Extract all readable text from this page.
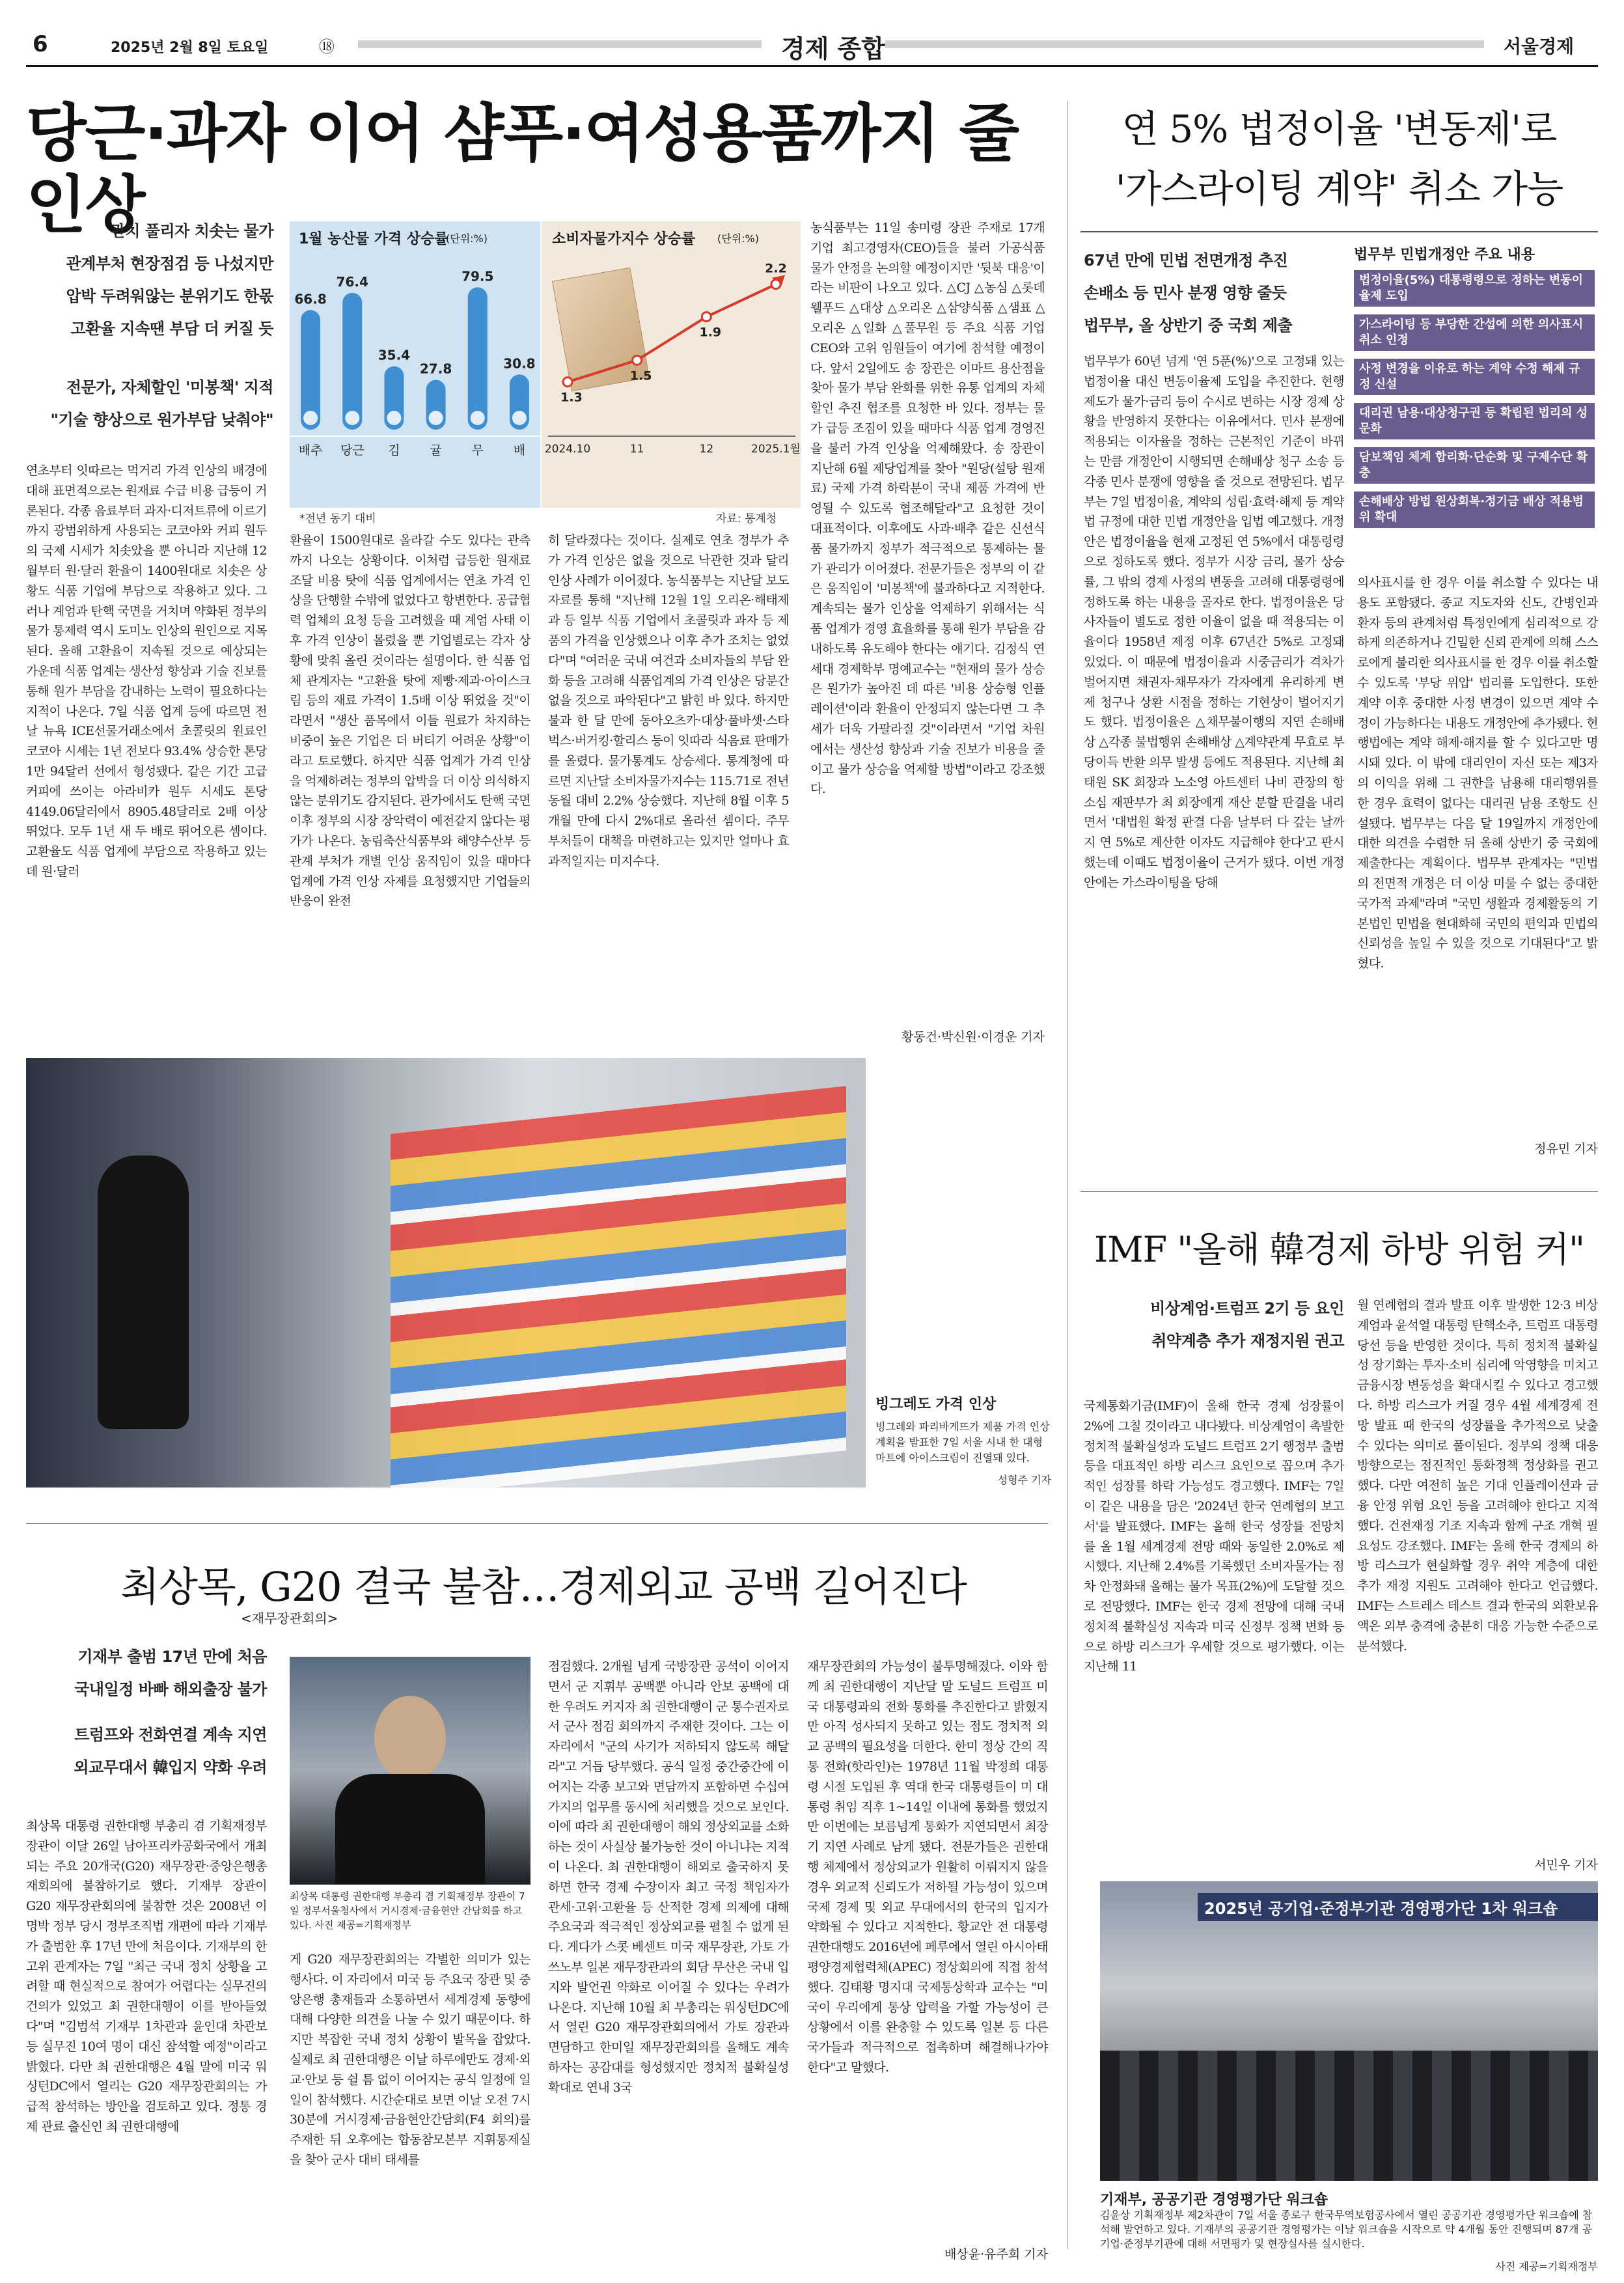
6	2025년 2월 8일 토요일	⑱	경제 종합	서울경제
당근·과자 이어 샴푸·여성용품까지 줄인상
관치 풀리자 치솟는 물가
관계부처 현장점검 등 나섰지만
압박 두려워않는 분위기도 한몫
고환율 지속땐 부담 더 커질 듯
전문가, 자체할인 '미봉책' 지적
"기술 향상으로 원가부담 낮춰야"
1월 농산물 가격 상승률
(단위:%)
66.8
배추
76.4
당근
35.4
김
27.8
귤
79.5
무
30.8
배
*전년 동기 대비
소비자물가지수 상승률 (단위:%)
1.3
2024.10
1.5
11
1.9
12
2.2
2025.1월
자료: 통계청
농식품부는 11일 송미령 장관 주재로 17개 기업 최고경영자(CEO)들을 불러 가공식품 물가 안정을 논의할 예정이지만 '뒷북 대응'이라는 비판이 나오고 있다. △CJ △농심 △롯데웰푸드 △대상 △오리온 △삼양식품 △샘표 △오리온 △일화 △풀무원 등 주요 식품 기업 CEO와 고위 임원들이 여기에 참석할 예정이다. 앞서 2일에도 송 장관은 이마트 용산점을 찾아 물가 부담 완화를 위한 유통 업계의 자체 할인 추진 협조를 요청한 바 있다. 정부는 물가 급등 조짐이 있을 때마다 식품 업계 경영진을 불러 가격 인상을 억제해왔다. 송 장관이 지난해 6월 제당업계를 찾아 "원당(설탕 원재료) 국제 가격 하락분이 국내 제품 가격에 반영될 수 있도록 협조해달라"고 요청한 것이 대표적이다. 이후에도 사과·배추 같은 신선식품 물가까지 정부가 적극적으로 통제하는 물가 관리가 이어졌다. 전문가들은 정부의 이 같은 움직임이 '미봉책'에 불과하다고 지적한다. 계속되는 물가 인상을 억제하기 위해서는 식품 업계가 경영 효율화를 통해 원가 부담을 감내하도록 유도해야 한다는 얘기다. 김정식 연세대 경제학부 명예교수는 "현재의 물가 상승은 원가가 높아진 데 따른 '비용 상승형 인플레이션'이라 환율이 안정되지 않는다면 그 추세가 더욱 가팔라질 것"이라면서 "기업 차원에서는 생산성 향상과 기술 진보가 비용을 줄이고 물가 상승을 억제할 방법"이라고 강조했다.
연초부터 잇따르는 먹거리 가격 인상의 배경에 대해 표면적으로는 원재료 수급 비용 급등이 거론된다. 각종 음료부터 과자·디저트류에 이르기까지 광범위하게 사용되는 코코아와 커피 원두의 국제 시세가 치솟았을 뿐 아니라 지난해 12월부터 원·달러 환율이 1400원대로 치솟은 상황도 식품 기업에 부담으로 작용하고 있다. 그러나 계엄과 탄핵 국면을 거치며 약화된 정부의 물가 통제력 역시 도미노 인상의 원인으로 지목된다. 올해 고환율이 지속될 것으로 예상되는 가운데 식품 업계는 생산성 향상과 기술 진보를 통해 원가 부담을 감내하는 노력이 필요하다는 지적이 나온다. 7일 식품 업계 등에 따르면 전날 뉴욕 ICE선물거래소에서 초콜릿의 원료인 코코아 시세는 1년 전보다 93.4% 상승한 톤당 1만 94달러 선에서 형성됐다. 같은 기간 고급 커피에 쓰이는 아라비카 원두 시세도 톤당 4149.06달러에서 8905.48달러로 2배 이상 뛰었다. 모두 1년 새 두 배로 뛰어오른 셈이다. 고환율도 식품 업계에 부담으로 작용하고 있는데 원·달러
환율이 1500원대로 올라갈 수도 있다는 관측까지 나오는 상황이다. 이처럼 급등한 원재료 조달 비용 탓에 식품 업계에서는 연초 가격 인상을 단행할 수밖에 없었다고 항변한다. 공급협력 업체의 요청 등을 고려했을 때 계엄 사태 이후 가격 인상이 몰렸을 뿐 기업별로는 각자 상황에 맞춰 올린 것이라는 설명이다. 한 식품 업체 관계자는 "고환율 탓에 제빵·제과·아이스크림 등의 재료 가격이 1.5배 이상 뛰었을 것"이라면서 "생산 품목에서 이들 원료가 차지하는 비중이 높은 기업은 더 버티기 어려운 상황"이라고 토로했다. 하지만 식품 업계가 가격 인상을 억제하려는 정부의 압박을 더 이상 의식하지 않는 분위기도 감지된다. 관가에서도 탄핵 국면 이후 정부의 시장 장악력이 예전같지 않다는 평가가 나온다. 농림축산식품부와 해양수산부 등 관계 부처가 개별 인상 움직임이 있을 때마다 업계에 가격 인상 자제를 요청했지만 기업들의 반응이 완전
히 달라졌다는 것이다. 실제로 연초 정부가 추가 가격 인상은 없을 것으로 낙관한 것과 달리 인상 사례가 이어졌다. 농식품부는 지난달 보도 자료를 통해 "지난해 12월 1일 오리온·해태제과 등 일부 식품 기업에서 초콜릿과 과자 등 제품의 가격을 인상했으나 이후 추가 조치는 없었다"며 "여러운 국내 여건과 소비자들의 부담 완화 등을 고려해 식품업계의 가격 인상은 당분간 없을 것으로 파악된다"고 밝힌 바 있다. 하지만 불과 한 달 만에 동아오츠카·대상·풀바셋·스타벅스·버거킹·할리스 등이 잇따라 식음료 판매가를 올렸다. 물가통계도 상승세다. 통계청에 따르면 지난달 소비자물가지수는 115.71로 전년 동월 대비 2.2% 상승했다. 지난해 8월 이후 5개월 만에 다시 2%대로 올라선 셈이다. 주무 부처들이 대책을 마련하고는 있지만 얼마나 효과적일지는 미지수다.
황동건·박신원·이경운 기자
빙그레도 가격 인상
빙그레와 파리바게뜨가 제품 가격 인상 계획을 발표한 7일 서울 시내 한 대형마트에 아이스크림이 진열돼 있다.
성형주 기자
연 5% 법정이율 '변동제'로
'가스라이팅 계약' 취소 가능
67년 만에 민법 전면개정 추진
손배소 등 민사 분쟁 영향 줄듯
법무부, 올 상반기 중 국회 제출
법무부 민법개정안 주요 내용
법정이율(5%) 대통령령으로 정하는 변동이율제 도입
가스라이팅 등 부당한 간섭에 의한 의사표시 취소 인정
사정 변경을 이유로 하는 계약 수정 해제 규정 신설
대리권 남용·대상청구권 등 확립된 법리의 성문화
담보책임 체계 합리화·단순화 및 구제수단 확충
손해배상 방법 원상회복·정기금 배상 적용범위 확대
법무부가 60년 넘게 '연 5푼(%)'으로 고정돼 있는 법정이율 대신 변동이율제 도입을 추진한다. 현행 제도가 물가·금리 등이 수시로 변하는 시장 경제 상황을 반영하지 못한다는 이유에서다. 민사 분쟁에 적용되는 이자율을 정하는 근본적인 기준이 바뀌는 만큼 개정안이 시행되면 손해배상 청구 소송 등 각종 민사 분쟁에 영향을 줄 것으로 전망된다. 법무부는 7일 법정이율, 계약의 성립·효력·해제 등 계약법 규정에 대한 민법 개정안을 입법 예고했다. 개정안은 법정이율을 현재 고정된 연 5%에서 대통령령으로 정하도록 했다. 정부가 시장 금리, 물가 상승률, 그 밖의 경제 사정의 변동을 고려해 대통령령에 정하도록 하는 내용을 골자로 한다. 법정이율은 당사자들이 별도로 정한 이율이 없을 때 적용되는 이율이다 1958년 제정 이후 67년간 5%로 고정돼 있었다. 이 때문에 법정이율과 시중금리가 격차가 벌어지면 채권자·채무자가 각자에게 유리하게 변제 청구나 상환 시점을 정하는 기현상이 벌어지기도 했다. 법정이율은 △채무불이행의 지연 손해배상 △각종 불법행위 손해배상 △계약관계 무효로 부당이득 반환 의무 발생 등에도 적용된다. 지난해 최태원 SK 회장과 노소영 아트센터 나비 관장의 항소심 재판부가 최 회장에게 재산 분할 판결을 내리면서 '대법원 확정 판결 다음 날부터 다 갚는 날까지 연 5%로 계산한 이자도 지급해야 한다'고 판시했는데 이때도 법정이율이 근거가 됐다. 이번 개정안에는 가스라이팅을 당해
의사표시를 한 경우 이를 취소할 수 있다는 내용도 포함됐다. 종교 지도자와 신도, 간병인과 환자 등의 관계처럼 특정인에게 심리적으로 강하게 의존하거나 긴밀한 신뢰 관계에 의해 스스로에게 불리한 의사표시를 한 경우 이를 취소할 수 있도록 '부당 위압' 법리를 도입한다. 또한 계약 이후 중대한 사정 변경이 있으면 계약 수정이 가능하다는 내용도 개정안에 추가됐다. 현행법에는 계약 해제·해지를 할 수 있다고만 명시돼 있다. 이 밖에 대리인이 자신 또는 제3자의 이익을 위해 그 권한을 남용해 대리행위를 한 경우 효력이 없다는 대리권 남용 조항도 신설됐다. 법무부는 다음 달 19일까지 개정안에 대한 의견을 수렴한 뒤 올해 상반기 중 국회에 제출한다는 계획이다. 법무부 관계자는 "민법의 전면적 개정은 더 이상 미룰 수 없는 중대한 국가적 과제"라며 "국민 생활과 경제활동의 기본법인 민법을 현대화해 국민의 편익과 민법의 신뢰성을 높일 수 있을 것으로 기대된다"고 밝혔다.
정유민 기자
IMF "올해 韓경제 하방 위험 커"
비상계엄·트럼프 2기 등 요인
취약계층 추가 재정지원 권고
국제통화기금(IMF)이 올해 한국 경제 성장률이 2%에 그칠 것이라고 내다봤다. 비상계엄이 촉발한 정치적 불확실성과 도널드 트럼프 2기 행정부 출범 등을 대표적인 하방 리스크 요인으로 꼽으며 추가적인 성장률 하락 가능성도 경고했다. IMF는 7일 이 같은 내용을 담은 '2024년 한국 연례협의 보고서'를 발표했다. IMF는 올해 한국 성장률 전망치를 올 1월 세계경제 전망 때와 동일한 2.0%로 제시했다. 지난해 2.4%를 기록했던 소비자물가는 점차 안정화돼 올해는 물가 목표(2%)에 도달할 것으로 전망했다. IMF는 한국 경제 전망에 대해 국내 정치적 불확실성 지속과 미국 신정부 정책 변화 등으로 하방 리스크가 우세할 것으로 평가했다. 이는 지난해 11
월 연례협의 결과 발표 이후 발생한 12·3 비상계엄과 윤석열 대통령 탄핵소추, 트럼프 대통령 당선 등을 반영한 것이다. 특히 정치적 불확실성 장기화는 투자·소비 심리에 악영향을 미치고 금융시장 변동성을 확대시킬 수 있다고 경고했다. 하방 리스크가 커질 경우 4월 세계경제 전망 발표 때 한국의 성장률을 추가적으로 낮출 수 있다는 의미로 풀이된다. 정부의 정책 대응 방향으로는 점진적인 통화정책 정상화를 권고했다. 다만 여전히 높은 기대 인플레이션과 금융 안정 위험 요인 등을 고려해야 한다고 지적했다. 건전재정 기조 지속과 함께 구조 개혁 필요성도 강조했다. IMF는 올해 한국 경제의 하방 리스크가 현실화할 경우 취약 계층에 대한 추가 재정 지원도 고려해야 한다고 언급했다. IMF는 스트레스 테스트 결과 한국의 외환보유액은 외부 충격에 충분히 대응 가능한 수준으로 분석했다.
서민우 기자
2025년 공기업·준정부기관 경영평가단 1차 워크숍
기재부, 공공기관 경영평가단 워크숍
김윤상 기획재정부 제2차관이 7일 서울 종로구 한국무역보험공사에서 열린 공공기관 경영평가단 워크숍에 참석해 발언하고 있다. 기재부의 공공기관 경영평가는 이날 워크숍을 시작으로 약 4개월 동안 진행되며 87개 공기업·준정부기관에 대해 서면평가 및 현장실사를 실시한다.
사진 제공=기획재정부
최상목, G20 결국 불참…경제외교 공백 길어진다
<재무장관회의>
기재부 출범 17년 만에 처음
국내일정 바빠 해외출장 불가
트럼프와 전화연결 계속 지연
외교무대서 韓입지 약화 우려
최상목 대통령 권한대행 부총리 겸 기획재정부 장관이 7일 정부서울청사에서 거시경제·금융현안 간담회를 하고 있다. 사진 제공=기획재정부
최상목 대통령 권한대행 부총리 겸 기획재정부 장관이 이달 26일 남아프리카공화국에서 개최되는 주요 20개국(G20) 재무장관·중앙은행총재회의에 불참하기로 했다. 기재부 장관이 G20 재무장관회의에 불참한 것은 2008년 이명박 정부 당시 정부조직법 개편에 따라 기재부가 출범한 후 17년 만에 처음이다. 기재부의 한 고위 관계자는 7일 "최근 국내 정치 상황을 고려할 때 현실적으로 참여가 어렵다는 실무진의 건의가 있었고 최 권한대행이 이를 받아들였다"며 "김범석 기재부 1차관과 윤인대 차관보 등 실무진 10여 명이 대신 참석할 예정"이라고 밝혔다. 다만 최 권한대행은 4월 말에 미국 워싱턴DC에서 열리는 G20 재무장관회의는 가급적 참석하는 방안을 검토하고 있다. 정통 경제 관료 출신인 최 권한대행에
게 G20 재무장관회의는 각별한 의미가 있는 행사다. 이 자리에서 미국 등 주요국 장관 및 중앙은행 총재들과 소통하면서 세계경제 동향에 대해 다양한 의견을 나눌 수 있기 때문이다. 하지만 복잡한 국내 정치 상황이 발목을 잡았다. 실제로 최 권한대행은 이날 하루에만도 경제·외교·안보 등 쉴 틈 없이 이어지는 공식 일정에 일일이 참석했다. 시간순대로 보면 이날 오전 7시 30분에 거시경제·금융현안간담회(F4 회의)를 주재한 뒤 오후에는 합동참모본부 지휘통제실을 찾아 군사 대비 태세를
점검했다. 2개월 넘게 국방장관 공석이 이어지면서 군 지휘부 공백뿐 아니라 안보 공백에 대한 우려도 커지자 최 권한대행이 군 통수권자로서 군사 점검 회의까지 주재한 것이다. 그는 이 자리에서 "군의 사기가 저하되지 않도록 해달라"고 거듭 당부했다. 공식 일정 중간중간에 이어지는 각종 보고와 면담까지 포함하면 수십여 가지의 업무를 동시에 처리했을 것으로 보인다. 이에 따라 최 권한대행이 해외 정상외교를 소화하는 것이 사실상 불가능한 것이 아니냐는 지적이 나온다. 최 권한대행이 해외로 출국하지 못하면 한국 경제 수장이자 최고 국정 책임자가 관세·고위·고환율 등 산적한 경제 의제에 대해 주요국과 적극적인 정상외교를 펼칠 수 없게 된다. 게다가 스콧 베센트 미국 재무장관, 가토 가쓰노부 일본 재무장관과의 회담 무산은 국내 입지와 발언권 약화로 이어질 수 있다는 우려가 나온다. 지난해 10월 최 부총리는 워싱턴DC에서 열린 G20 재무장관회의에서 가토 장관과 면담하고 한미일 재무장관회의를 올해도 계속하자는 공감대를 형성했지만 정치적 불확실성 확대로 연내 3국
재무장관회의 가능성이 불투명해졌다. 이와 함께 최 권한대행이 지난달 말 도널드 트럼프 미국 대통령과의 전화 통화를 추진한다고 밝혔지만 아직 성사되지 못하고 있는 점도 정치적 외교 공백의 필요성을 더한다. 한미 정상 간의 직통 전화(핫라인)는 1978년 11월 박정희 대통령 시절 도입된 후 역대 한국 대통령들이 미 대통령 취임 직후 1~14일 이내에 통화를 했었지만 이번에는 보름넘게 통화가 지연되면서 최장기 지연 사례로 남게 됐다. 전문가들은 권한대행 체제에서 정상외교가 원활히 이뤄지지 않을 경우 외교적 신뢰도가 저하될 가능성이 있으며 국제 경제 및 외교 무대에서의 한국의 입지가 약화될 수 있다고 지적한다. 황교안 전 대통령 권한대행도 2016년에 페루에서 열린 아시아태평양경제협력체(APEC) 정상회의에 직접 참석했다. 김태황 명지대 국제통상학과 교수는 "미국이 우리에게 통상 압력을 가할 가능성이 큰 상황에서 이를 완충할 수 있도록 일본 등 다른 국가들과 적극적으로 접촉하며 해결해나가야 한다"고 말했다.
배상윤·유주희 기자
